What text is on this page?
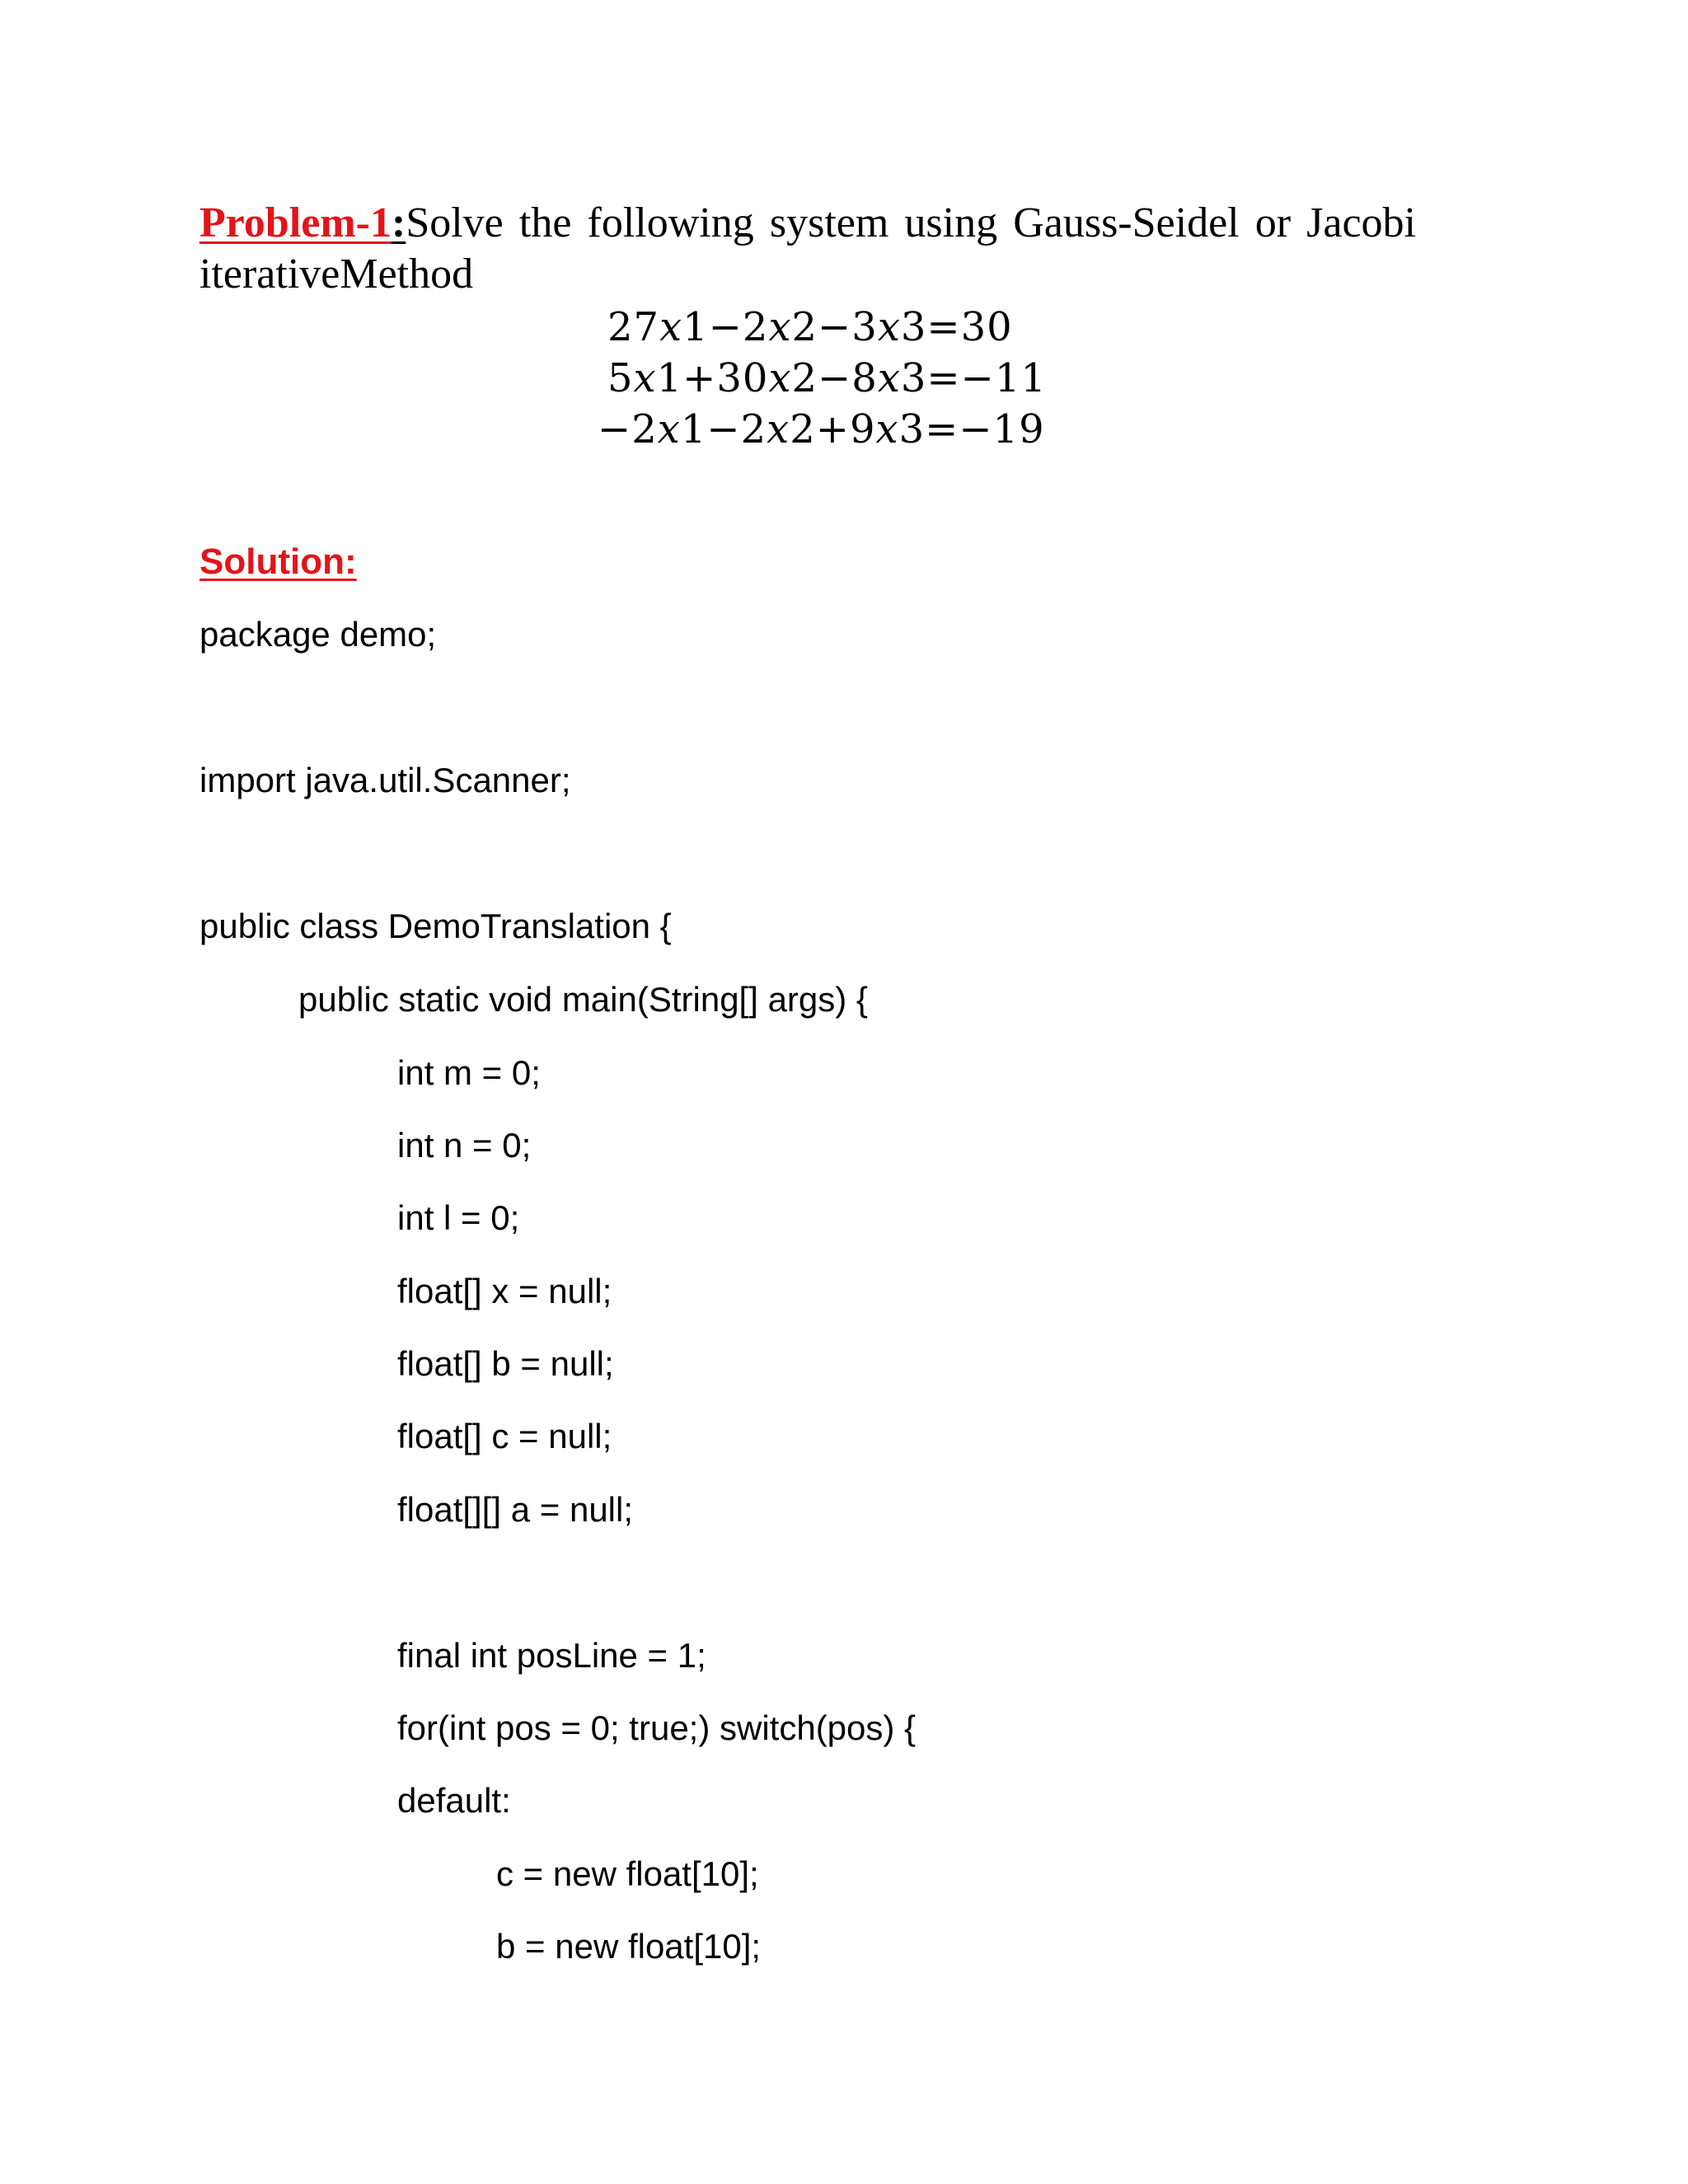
Problem-1:Solve the following system using Gauss-Seidel or Jacobi
iterativeMethod
27𝑥1−2𝑥2−3𝑥3=30
5𝑥1+30𝑥2−8𝑥3=−11
−2𝑥1−2𝑥2+9𝑥3=−19
Solution:
package demo;
import java.util.Scanner;
public class DemoTranslation {
public static void main(String[] args) {
int m = 0;
int n = 0;
int l = 0;
float[] x = null;
float[] b = null;
float[] c = null;
float[][] a = null;
final int posLine = 1;
for(int pos = 0; true;) switch(pos) {
default:
c = new float[10];
b = new float[10];
